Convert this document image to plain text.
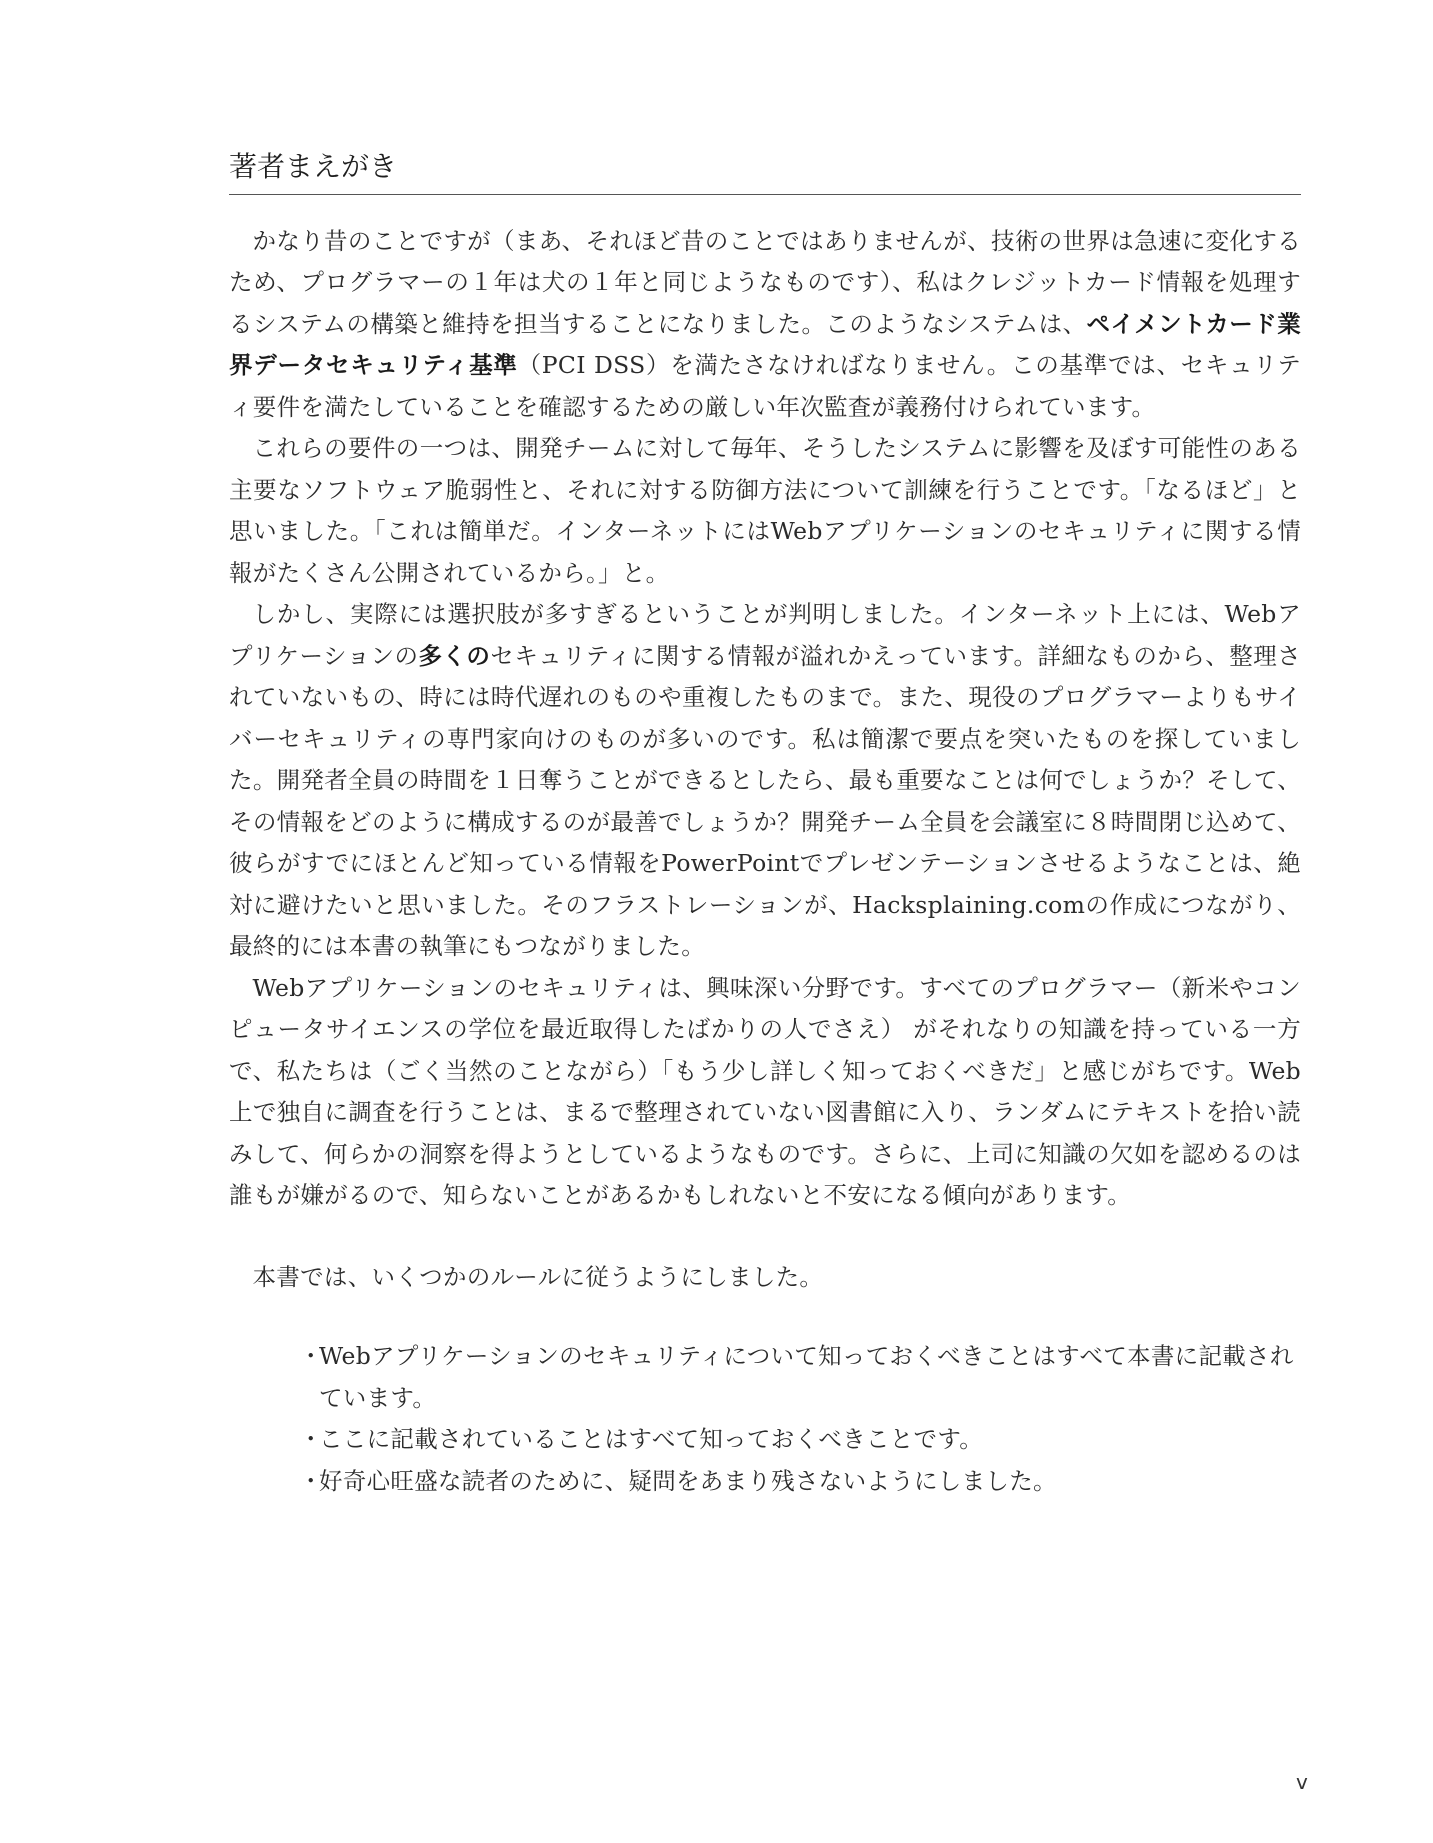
著者まえがき

かなり昔のことですが（まあ、それほど昔のことではありませんが、技術の世界は急速に変化するため、プログラマーの１年は犬の１年と同じようなものです）、私はクレジットカード情報を処理するシステムの構築と維持を担当することになりました。このようなシステムは、ペイメントカード業界データセキュリティ基準（PCI DSS）を満たさなければなりません。この基準では、セキュリティ要件を満たしていることを確認するための厳しい年次監査が義務付けられています。

これらの要件の一つは、開発チームに対して毎年、そうしたシステムに影響を及ぼす可能性のある主要なソフトウェア脆弱性と、それに対する防御方法について訓練を行うことです。「なるほど」と思いました。「これは簡単だ。インターネットにはWebアプリケーションのセキュリティに関する情報がたくさん公開されているから。」と。

しかし、実際には選択肢が多すぎるということが判明しました。インターネット上には、Webアプリケーションの多くのセキュリティに関する情報が溢れかえっています。詳細なものから、整理されていないもの、時には時代遅れのものや重複したものまで。また、現役のプログラマーよりもサイバーセキュリティの専門家向けのものが多いのです。私は簡潔で要点を突いたものを探していました。開発者全員の時間を１日奪うことができるとしたら、最も重要なことは何でしょうか？そして、その情報をどのように構成するのが最善でしょうか？開発チーム全員を会議室に８時間閉じ込めて、彼らがすでにほとんど知っている情報をPowerPointでプレゼンテーションさせるようなことは、絶対に避けたいと思いました。そのフラストレーションが、Hacksplaining.comの作成につながり、最終的には本書の執筆にもつながりました。

Webアプリケーションのセキュリティは、興味深い分野です。すべてのプログラマー（新米やコンピュータサイエンスの学位を最近取得したばかりの人でさえ） がそれなりの知識を持っている一方で、私たちは（ごく当然のことながら）「もう少し詳しく知っておくべきだ」と感じがちです。Web上で独自に調査を行うことは、まるで整理されていない図書館に入り、ランダムにテキストを拾い読みして、何らかの洞察を得ようとしているようなものです。さらに、上司に知識の欠如を認めるのは誰もが嫌がるので、知らないことがあるかもしれないと不安になる傾向があります。

本書では、いくつかのルールに従うようにしました。

・
Webアプリケーションのセキュリティについて知っておくべきことはすべて本書に記載されています。
・
ここに記載されていることはすべて知っておくべきことです。
・
好奇心旺盛な読者のために、疑問をあまり残さないようにしました。
v
